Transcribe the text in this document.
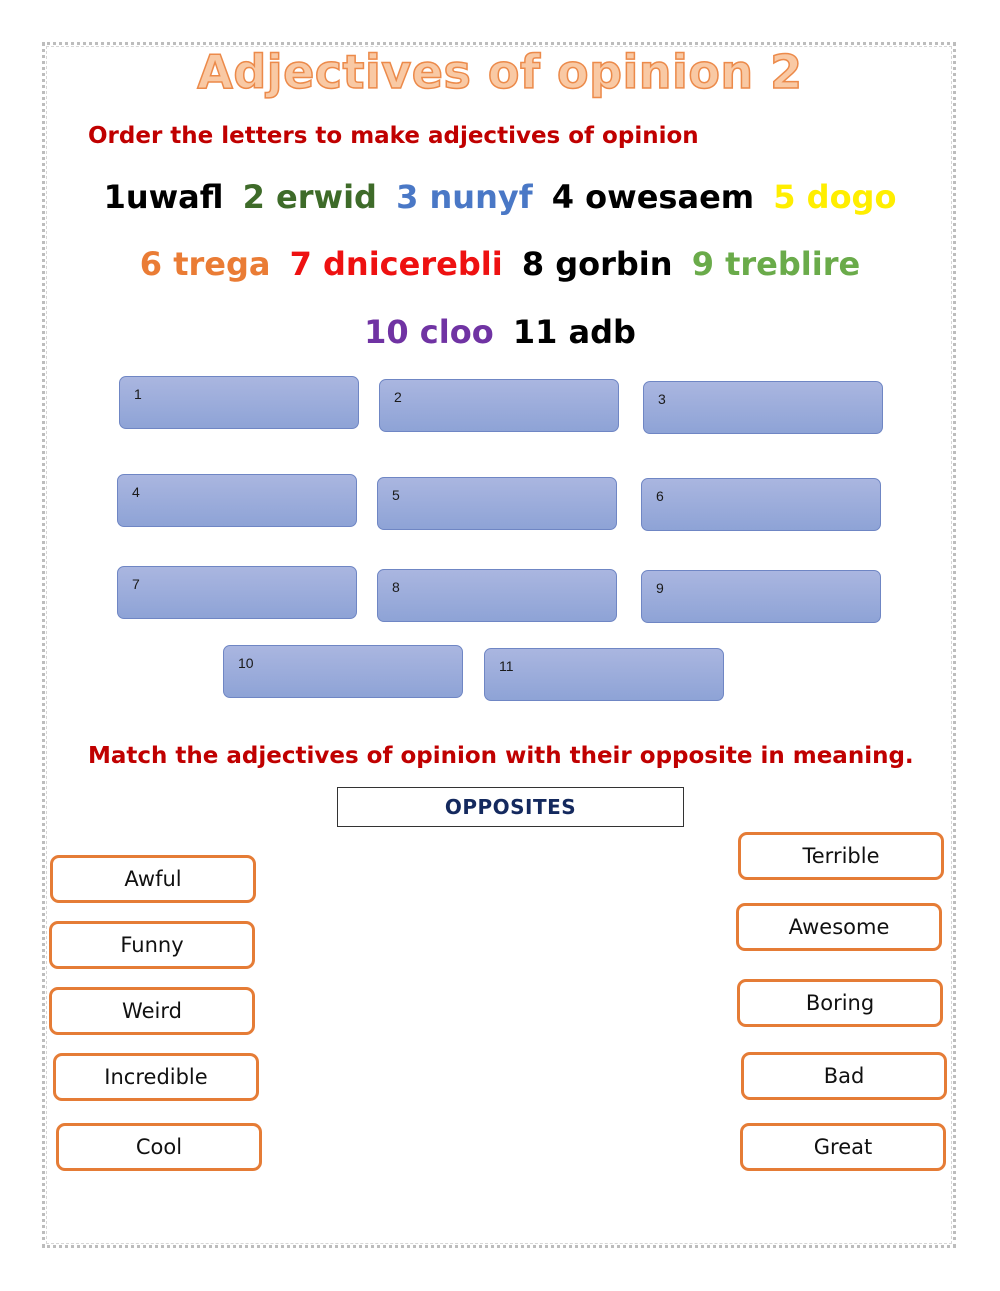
Adjectives of opinion 2
Order the letters to make adjectives of opinion
1uwafl 2 erwid 3 nunyf 4 owesaem 5 dogo
6 trega 7 dnicerebli 8 gorbin 9 treblire
10 cloo 11 adb
1	2	3
4	5	6
7	8	9
10	11
Match the adjectives of opinion with their opposite in meaning.
OPPOSITES
Awful
Funny
Weird
Incredible
Cool
Terrible
Awesome
Boring
Bad
Great
